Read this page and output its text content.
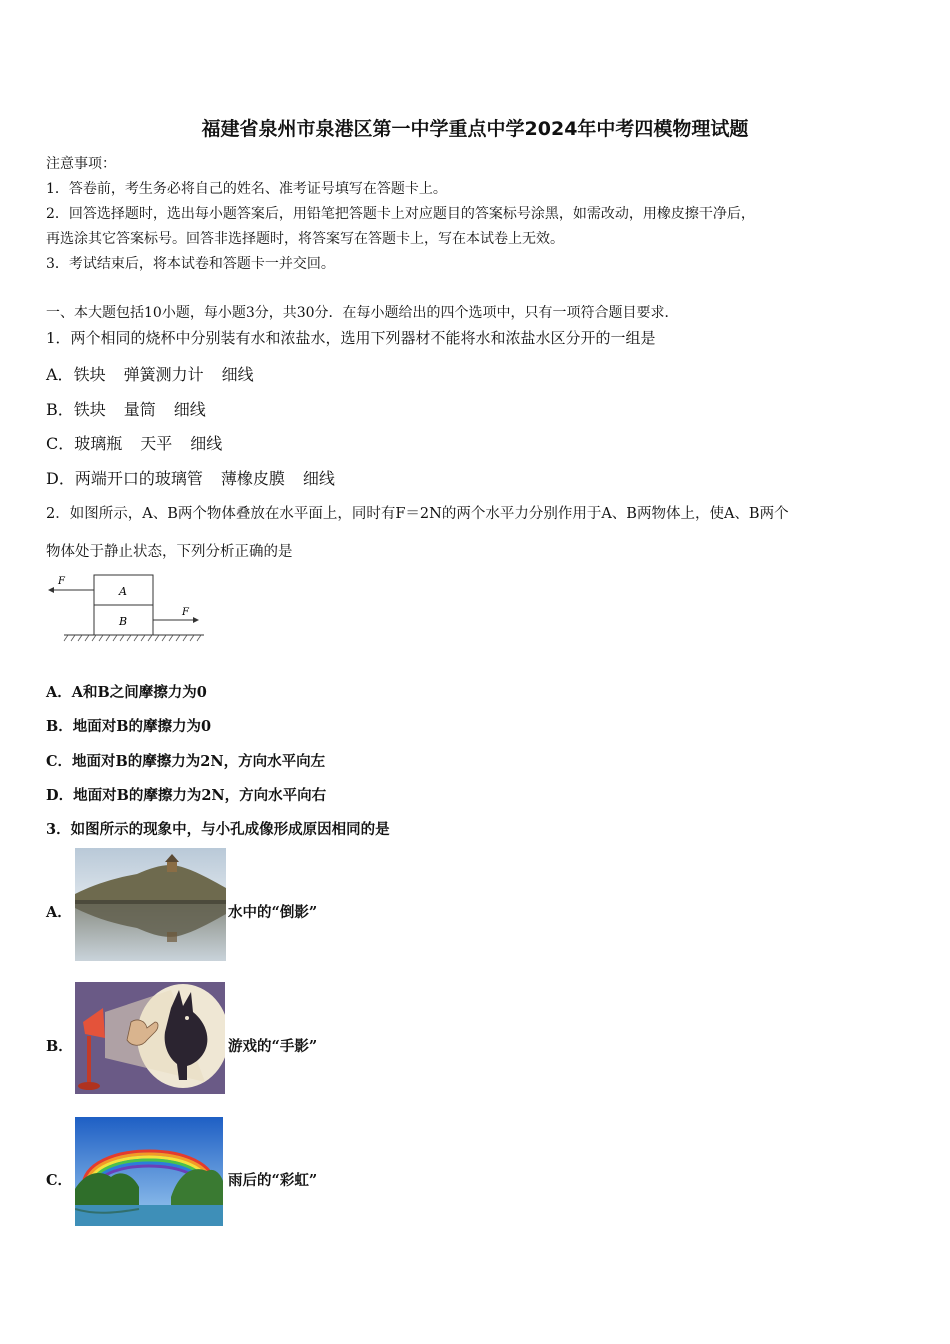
福建省泉州市泉港区第一中学重点中学2024年中考四模物理试题
注意事项：
1．答卷前，考生务必将自己的姓名、准考证号填写在答题卡上。
2．回答选择题时，选出每小题答案后，用铅笔把答题卡上对应题目的答案标号涂黑，如需改动，用橡皮擦干净后，
再选涂其它答案标号。回答非选择题时，将答案写在答题卡上，写在本试卷上无效。
3．考试结束后，将本试卷和答题卡一并交回。
一、本大题包括10小题，每小题3分，共30分．在每小题给出的四个选项中，只有一项符合题目要求．
1．两个相同的烧杯中分别装有水和浓盐水，选用下列器材不能将水和浓盐水区分开的一组是
A．铁块 弹簧测力计 细线
B．铁块 量筒 细线
C．玻璃瓶 天平 细线
D．两端开口的玻璃管 薄橡皮膜 细线
2．如图所示，A、B两个物体叠放在水平面上，同时有F＝2N的两个水平力分别作用于A、B两物体上，使A、B两个
物体处于静止状态，下列分析正确的是
A
B
F
F
A．A和B之间摩擦力为0
B．地面对B的摩擦力为0
C．地面对B的摩擦力为2N，方向水平向左
D．地面对B的摩擦力为2N，方向水平向右
3．如图所示的现象中，与小孔成像形成原因相同的是
A．	水中的“倒影”
B．	游戏的“手影”
C．	雨后的“彩虹”
